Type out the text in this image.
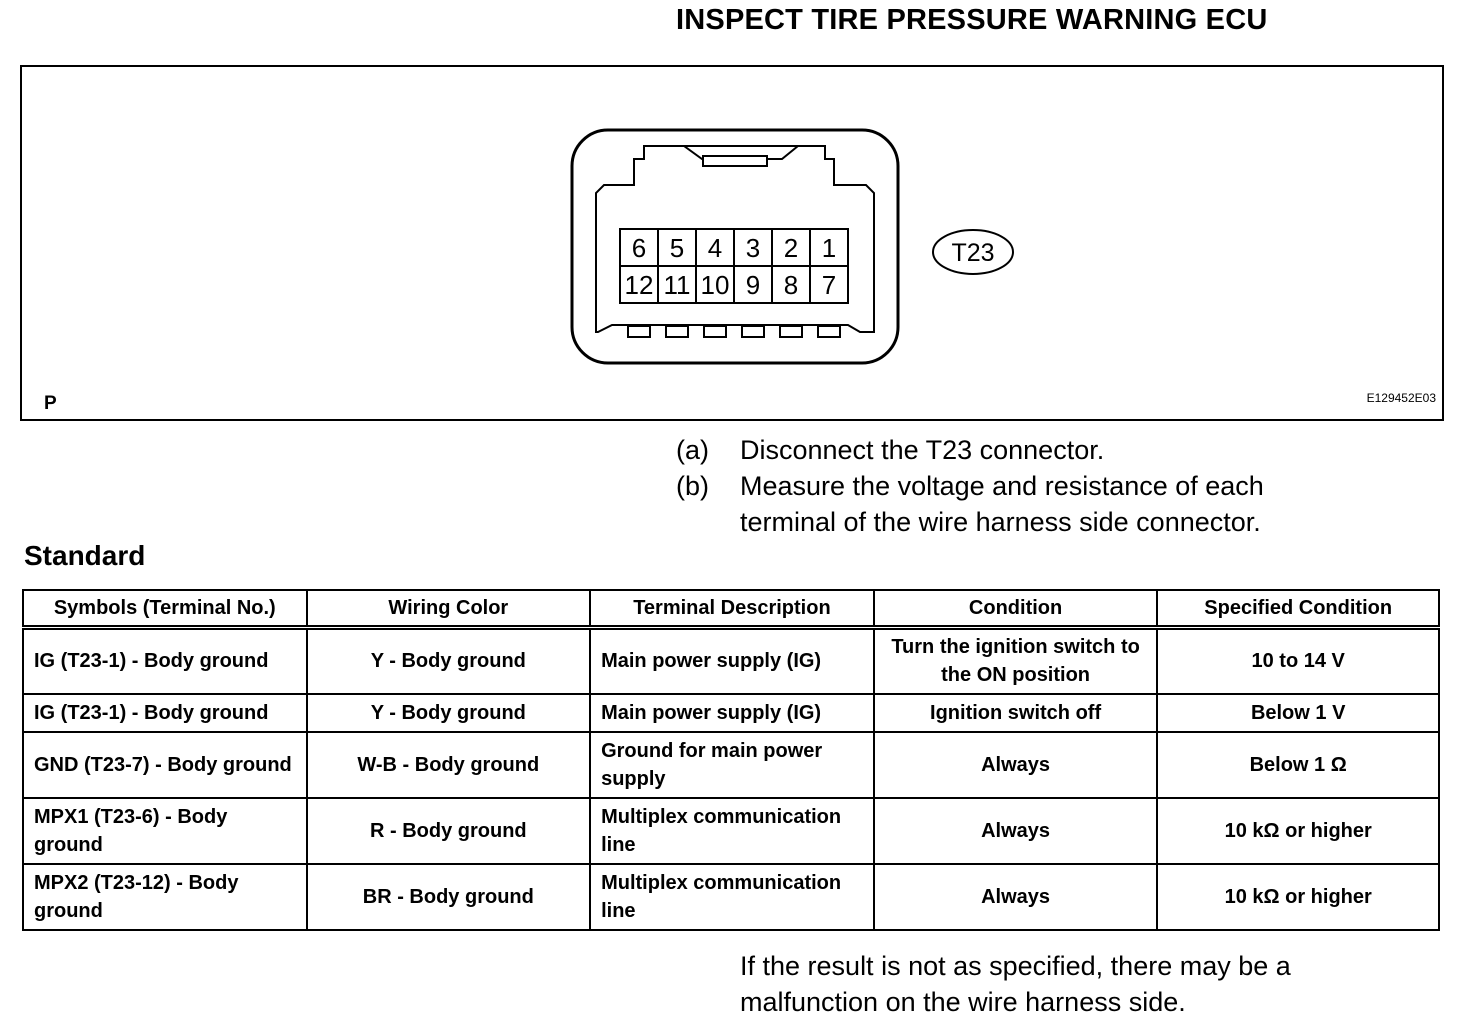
INSPECT TIRE PRESSURE WARNING ECU
6 5 4 3 2 1
12 11 10 9 8 7
T23
P	E129452E03
(a) Disconnect the T23 connector.
(b) Measure the voltage and resistance of each
terminal of the wire harness side connector.
Standard
Symbols (Terminal No.)	Wiring Color	Terminal Description	Condition	Specified Condition
IG (T23-1) - Body ground	Y - Body ground	Main power supply (IG)	Turn the ignition switch to the ON position	10 to 14 V
IG (T23-1) - Body ground	Y - Body ground	Main power supply (IG)	Ignition switch off	Below 1 V
GND (T23-7) - Body ground	W-B - Body ground	Ground for main power supply	Always	Below 1 Ω
MPX1 (T23-6) - Body ground	R - Body ground	Multiplex communication line	Always	10 kΩ or higher
MPX2 (T23-12) - Body ground	BR - Body ground	Multiplex communication line	Always	10 kΩ or higher
If the result is not as specified, there may be a
malfunction on the wire harness side.
